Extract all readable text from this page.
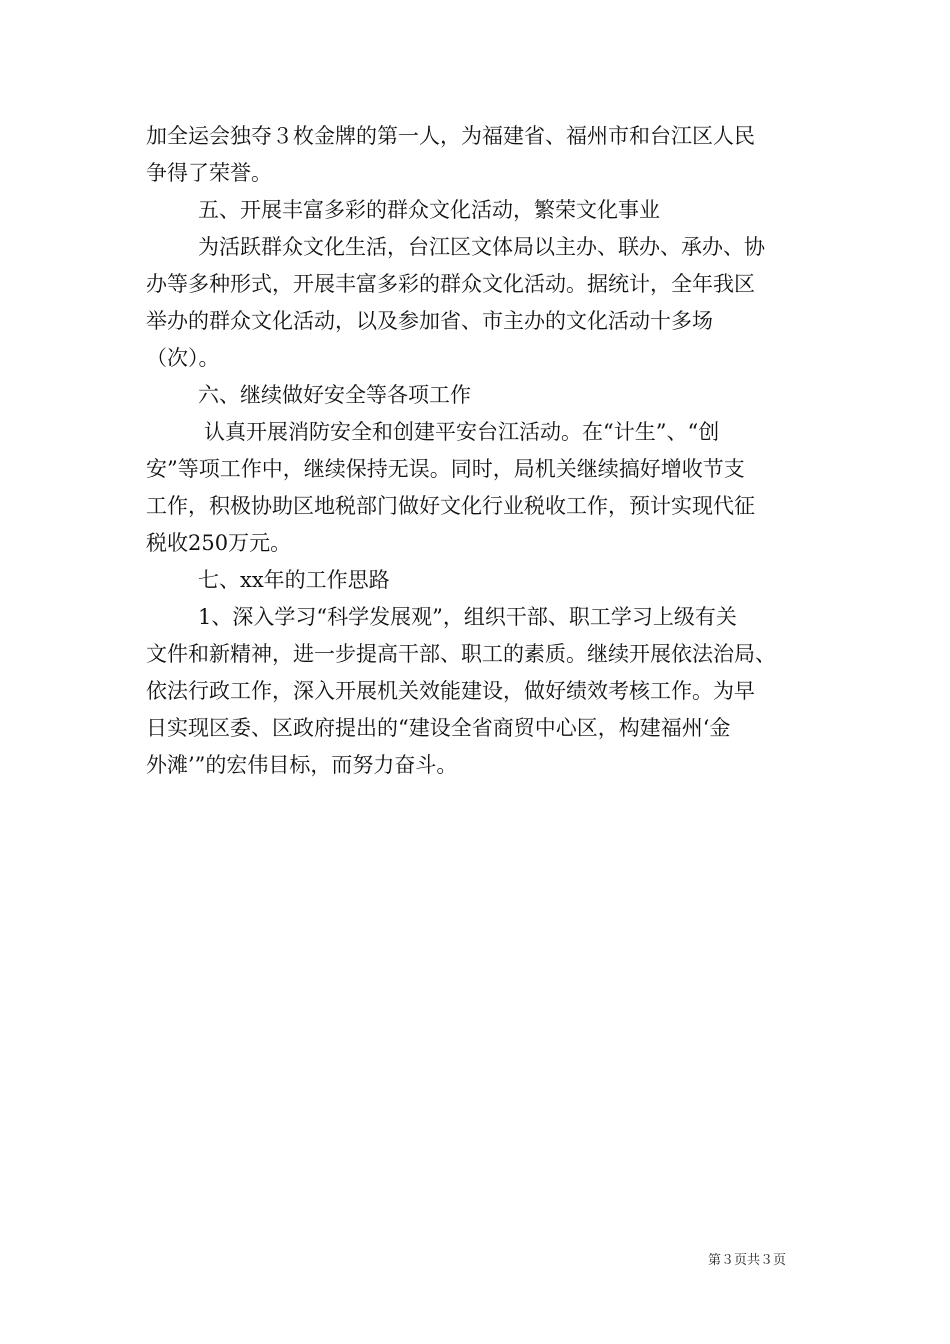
加全运会独夺３枚金牌的第一人，为福建省、福州市和台江区人民
争得了荣誉。
五、开展丰富多彩的群众文化活动，繁荣文化事业
为活跃群众文化生活，台江区文体局以主办、联办、承办、协
办等多种形式，开展丰富多彩的群众文化活动。据统计，全年我区
举办的群众文化活动，以及参加省、市主办的文化活动十多场
（次）。
六、继续做好安全等各项工作
认真开展消防安全和创建平安台江活动。在“计生”、“创
安”等项工作中，继续保持无误。同时，局机关继续搞好增收节支
工作，积极协助区地税部门做好文化行业税收工作，预计实现代征
税收250万元。
七、xx年的工作思路
1、深入学习“科学发展观”，组织干部、职工学习上级有关
文件和新精神，进一步提高干部、职工的素质。继续开展依法治局、
依法行政工作，深入开展机关效能建设，做好绩效考核工作。为早
日实现区委、区政府提出的“建设全省商贸中心区，构建福州‘金
外滩’”的宏伟目标，而努力奋斗。
第３页共３页
